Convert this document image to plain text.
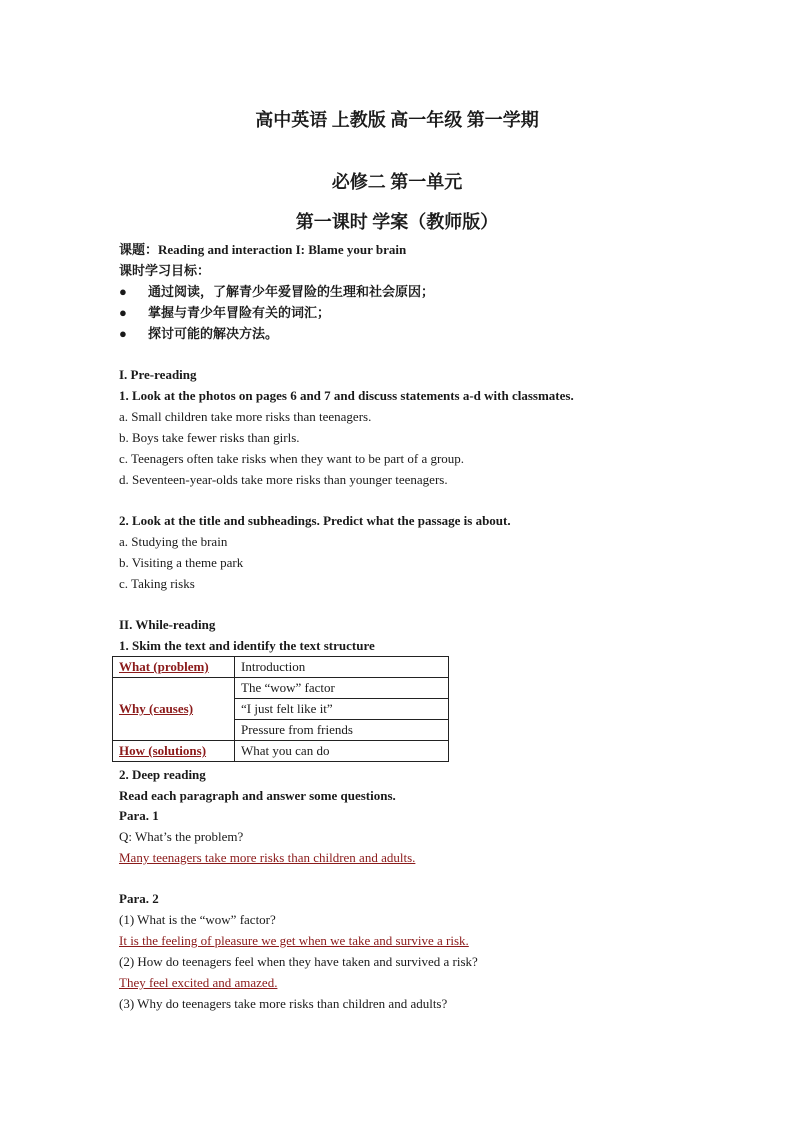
高中英语 上教版 高一年级 第一学期
必修二 第一单元
第一课时 学案（教师版）
课题：Reading and interaction I: Blame your brain
课时学习目标：
● 通过阅读，了解青少年爱冒险的生理和社会原因；
● 掌握与青少年冒险有关的词汇；
● 探讨可能的解决方法。
I. Pre-reading
1. Look at the photos on pages 6 and 7 and discuss statements a-d with classmates.
a. Small children take more risks than teenagers.
b. Boys take fewer risks than girls.
c. Teenagers often take risks when they want to be part of a group.
d. Seventeen-year-olds take more risks than younger teenagers.
2. Look at the title and subheadings. Predict what the passage is about.
a. Studying the brain
b. Visiting a theme park
c. Taking risks
II. While-reading
1. Skim the text and identify the text structure
What (problem)	Introduction
Why (causes)	The “wow” factor
	“I just felt like it”
	Pressure from friends
How (solutions)	What you can do
2. Deep reading
Read each paragraph and answer some questions.
Para. 1
Q: What’s the problem?
Many teenagers take more risks than children and adults.
Para. 2
(1) What is the “wow” factor?
It is the feeling of pleasure we get when we take and survive a risk.
(2) How do teenagers feel when they have taken and survived a risk?
They feel excited and amazed.
(3) Why do teenagers take more risks than children and adults?
